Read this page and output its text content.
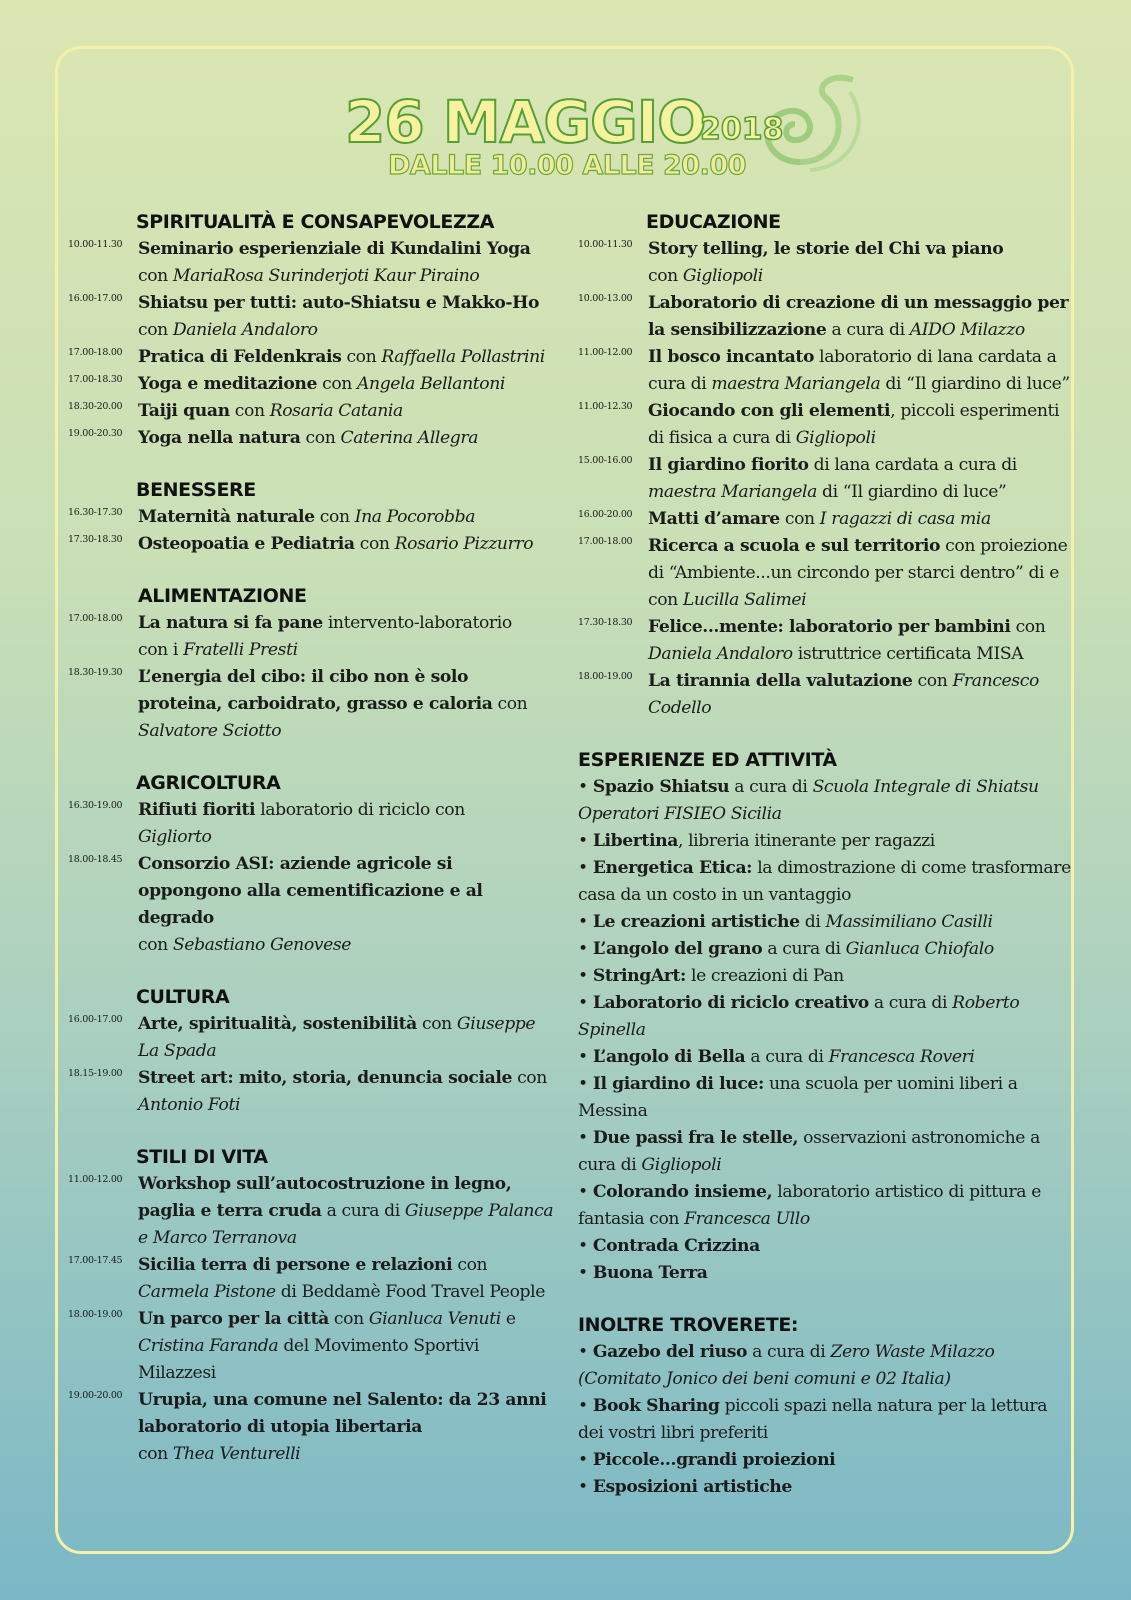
26 MAGGIO
2018
DALLE 10.00 ALLE 20.00
SPIRITUALITÀ E CONSAPEVOLEZZA
10.00-11.30 Seminario esperienziale di Kundalini Yoga
con MariaRosa Surinderjoti Kaur Piraino
16.00-17.00 Shiatsu per tutti: auto-Shiatsu e Makko-Ho
con Daniela Andaloro
17.00-18.00 Pratica di Feldenkrais con Raffaella Pollastrini
17.00-18.30 Yoga e meditazione con Angela Bellantoni
18.30-20.00 Taiji quan con Rosaria Catania
19.00-20.30 Yoga nella natura con Caterina Allegra
BENESSERE
16.30-17.30 Maternità naturale con Ina Pocorobba
17.30-18.30 Osteopoatia e Pediatria con Rosario Pizzurro
ALIMENTAZIONE
17.00-18.00 La natura si fa pane intervento-laboratorio
con i Fratelli Presti
18.30-19.30 L’energia del cibo: il cibo non è solo proteina, carboidrato, grasso e caloria con Salvatore Sciotto
AGRICOLTURA
16.30-19.00 Rifiuti fioriti laboratorio di riciclo con
Gigliorto
18.00-18.45 Consorzio ASI: aziende agricole si oppongono alla cementificazione e al degrado
con Sebastiano Genovese
CULTURA
16.00-17.00 Arte, spiritualità, sostenibilità con Giuseppe La Spada
18.15-19.00 Street art: mito, storia, denuncia sociale con
Antonio Foti
STILI DI VITA
11.00-12.00 Workshop sull’autocostruzione in legno, paglia e terra cruda a cura di Giuseppe Palanca e Marco Terranova
17.00-17.45 Sicilia terra di persone e relazioni con
Carmela Pistone di Beddamè Food Travel People
18.00-19.00 Un parco per la città con Gianluca Venuti e Cristina Faranda del Movimento Sportivi Milazzesi
19.00-20.00 Urupia, una comune nel Salento: da 23 anni laboratorio di utopia libertaria
con Thea Venturelli
EDUCAZIONE
10.00-11.30 Story telling, le storie del Chi va piano
con Gigliopoli
10.00-13.00 Laboratorio di creazione di un messaggio per la sensibilizzazione a cura di AIDO Milazzo
11.00-12.00 Il bosco incantato laboratorio di lana cardata a cura di maestra Mariangela di “Il giardino di luce”
11.00-12.30 Giocando con gli elementi, piccoli esperimenti di fisica a cura di Gigliopoli
15.00-16.00 Il giardino fiorito di lana cardata a cura di
maestra Mariangela di “Il giardino di luce”
16.00-20.00 Matti d’amare con I ragazzi di casa mia
17.00-18.00 Ricerca a scuola e sul territorio con proiezione di “Ambiente...un circondo per starci dentro” di e con Lucilla Salimei
17.30-18.30 Felice...mente: laboratorio per bambini con
Daniela Andaloro istruttrice certificata MISA
18.00-19.00 La tirannia della valutazione con Francesco Codello
ESPERIENZE ED ATTIVITÀ
• Spazio Shiatsu a cura di Scuola Integrale di Shiatsu Operatori FISIEO Sicilia
• Libertina, libreria itinerante per ragazzi
• Energetica Etica: la dimostrazione di come trasformare casa da un costo in un vantaggio
• Le creazioni artistiche di Massimiliano Casilli
• L’angolo del grano a cura di Gianluca Chiofalo
• StringArt: le creazioni di Pan
• Laboratorio di riciclo creativo a cura di Roberto Spinella
• L’angolo di Bella a cura di Francesca Roveri
• Il giardino di luce: una scuola per uomini liberi a Messina
• Due passi fra le stelle, osservazioni astronomiche a cura di Gigliopoli
• Colorando insieme, laboratorio artistico di pittura e fantasia con Francesca Ullo
• Contrada Crizzina
• Buona Terra
INOLTRE TROVERETE:
• Gazebo del riuso a cura di Zero Waste Milazzo (Comitato Jonico dei beni comuni e 02 Italia)
• Book Sharing piccoli spazi nella natura per la lettura dei vostri libri preferiti
• Piccole...grandi proiezioni
• Esposizioni artistiche
